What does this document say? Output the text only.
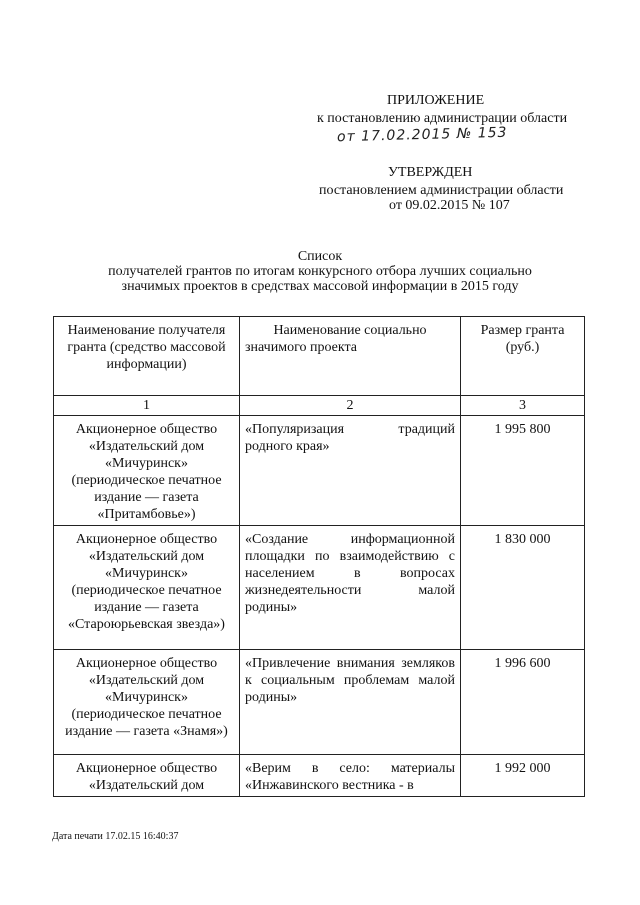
ПРИЛОЖЕНИЕ
к постановлению администрации области
от 17.02.2015 № 153
УТВЕРЖДЕН
постановлением администрации области
от 09.02.2015 № 107
Список
получателей грантов по итогам конкурсного отбора лучших социально
значимых проектов в средствах массовой информации в 2015 году
Наименование получателя гранта (средство массовой информации)	Наименование социально значимого проекта	Размер гранта (руб.)
1	2	3
Акционерное общество «Издательский дом «Мичуринск» (периодическое печатное издание — газета «Притамбовье»)	«Популяризация традиций родного края»	1 995 800
Акционерное общество «Издательский дом «Мичуринск» (периодическое печатное издание — газета «Староюрьевская звезда»)	«Создание информационной площадки по взаимодействию с населением в вопросах жизнедеятельности малой родины»	1 830 000
Акционерное общество «Издательский дом «Мичуринск» (периодическое печатное издание — газета «Знамя»)	«Привлечение внимания земляков к социальным проблемам малой родины»	1 996 600
Акционерное общество «Издательский дом	«Верим в село: материалы «Инжавинского вестника - в	1 992 000
Дата печати 17.02.15 16:40:37
